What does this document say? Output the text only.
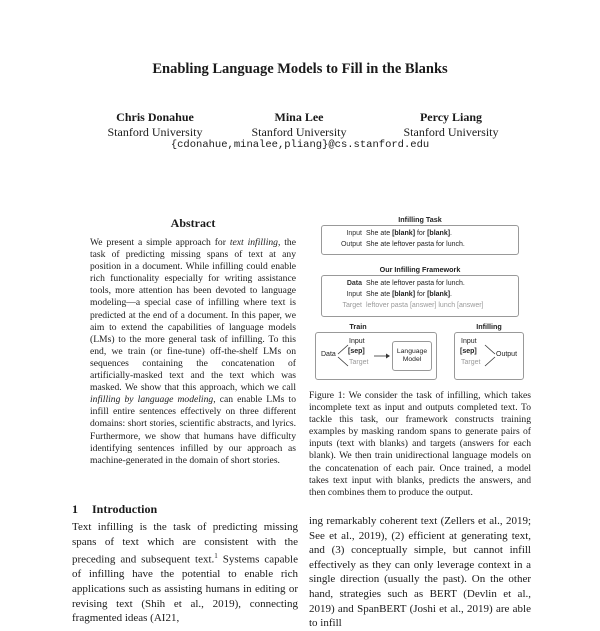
Enabling Language Models to Fill in the Blanks
Chris Donahue
Stanford University
Mina Lee
Stanford University
Percy Liang
Stanford University
{cdonahue,minalee,pliang}@cs.stanford.edu
Abstract
We present a simple approach for text infilling, the task of predicting missing spans of text at any position in a document. While infilling could enable rich functionality especially for writing assistance tools, more attention has been devoted to language modeling—a special case of infilling where text is predicted at the end of a document. In this paper, we aim to extend the capabilities of language models (LMs) to the more general task of infilling. To this end, we train (or fine-tune) off-the-shelf LMs on sequences containing the concatenation of artificially-masked text and the text which was masked. We show that this approach, which we call infilling by language modeling, can enable LMs to infill entire sentences effectively on three different domains: short stories, scientific abstracts, and lyrics. Furthermore, we show that humans have difficulty identifying sentences infilled by our approach as machine-generated in the domain of short stories.
1 Introduction
Text infilling is the task of predicting missing spans of text which are consistent with the preceding and subsequent text.$^1$ Systems capable of infilling have the potential to enable rich applications such as assisting humans in editing or revising text (Shih et al., 2019), connecting fragmented ideas (AI21,
ing remarkably coherent text (Zellers et al., 2019; See et al., 2019), (2) efficient at generating text, and (3) conceptually simple, but cannot infill effectively as they can only leverage context in a single direction (usually the past). On the other hand, strategies such as BERT (Devlin et al., 2019) and SpanBERT (Joshi et al., 2019) are able to infill
Infilling Task
Input She ate [blank] for [blank].
Output She ate leftover pasta for lunch.
Our Infilling Framework
Data She ate leftover pasta for lunch.
Input She ate [blank] for [blank].
Target leftover pasta [answer] lunch [answer]
Train
Data
Input
[sep]
Target
Language Model
Infilling
Input
[sep]
Target
Output
Figure 1: We consider the task of infilling, which takes incomplete text as input and outputs completed text. To tackle this task, our framework constructs training examples by masking random spans to generate pairs of inputs (text with blanks) and targets (answers for each blank). We then train unidirectional language models on the concatenation of each pair. Once trained, a model takes text input with blanks, predicts the answers, and then combines them to produce the output.
